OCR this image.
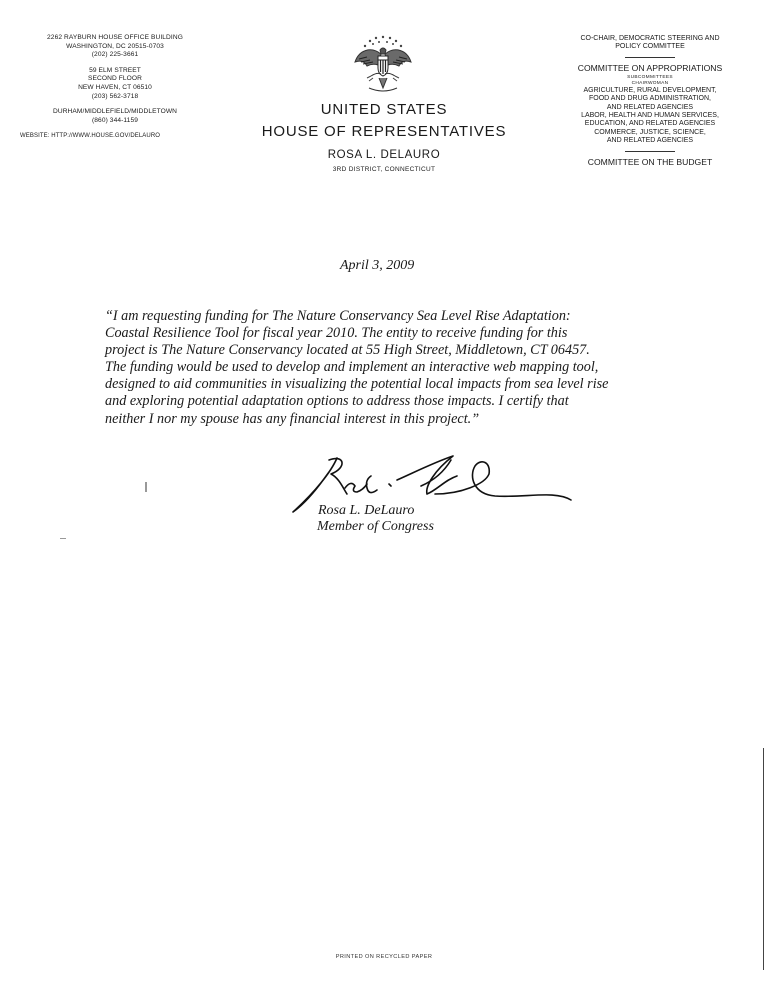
2262 RAYBURN HOUSE OFFICE BUILDING
WASHINGTON, DC 20515-0703
(202) 225-3661
59 ELM STREET
SECOND FLOOR
NEW HAVEN, CT 06510
(203) 562-3718
DURHAM/MIDDLEFIELD/MIDDLETOWN
(860) 344-1159
WEBSITE: HTTP://WWW.HOUSE.GOV/DELAURO
UNITED STATES
HOUSE OF REPRESENTATIVES
ROSA L. DELAURO
3RD DISTRICT, CONNECTICUT
CO-CHAIR, DEMOCRATIC STEERING AND
POLICY COMMITTEE
COMMITTEE ON APPROPRIATIONS
SUBCOMMITTEES
CHAIRWOMAN
AGRICULTURE, RURAL DEVELOPMENT,
FOOD AND DRUG ADMINISTRATION,
AND RELATED AGENCIES
LABOR, HEALTH AND HUMAN SERVICES,
EDUCATION, AND RELATED AGENCIES
COMMERCE, JUSTICE, SCIENCE,
AND RELATED AGENCIES
COMMITTEE ON THE BUDGET
April 3, 2009
“I am requesting funding for The Nature Conservancy Sea Level Rise Adaptation:
Coastal Resilience Tool for fiscal year 2010. The entity to receive funding for this
project is The Nature Conservancy located at 55 High Street, Middletown, CT 06457.
The funding would be used to develop and implement an interactive web mapping tool,
designed to aid communities in visualizing the potential local impacts from sea level rise
and exploring potential adaptation options to address those impacts. I certify that
neither I nor my spouse has any financial interest in this project.”
Rosa L. DeLauro
Member of Congress
PRINTED ON RECYCLED PAPER
